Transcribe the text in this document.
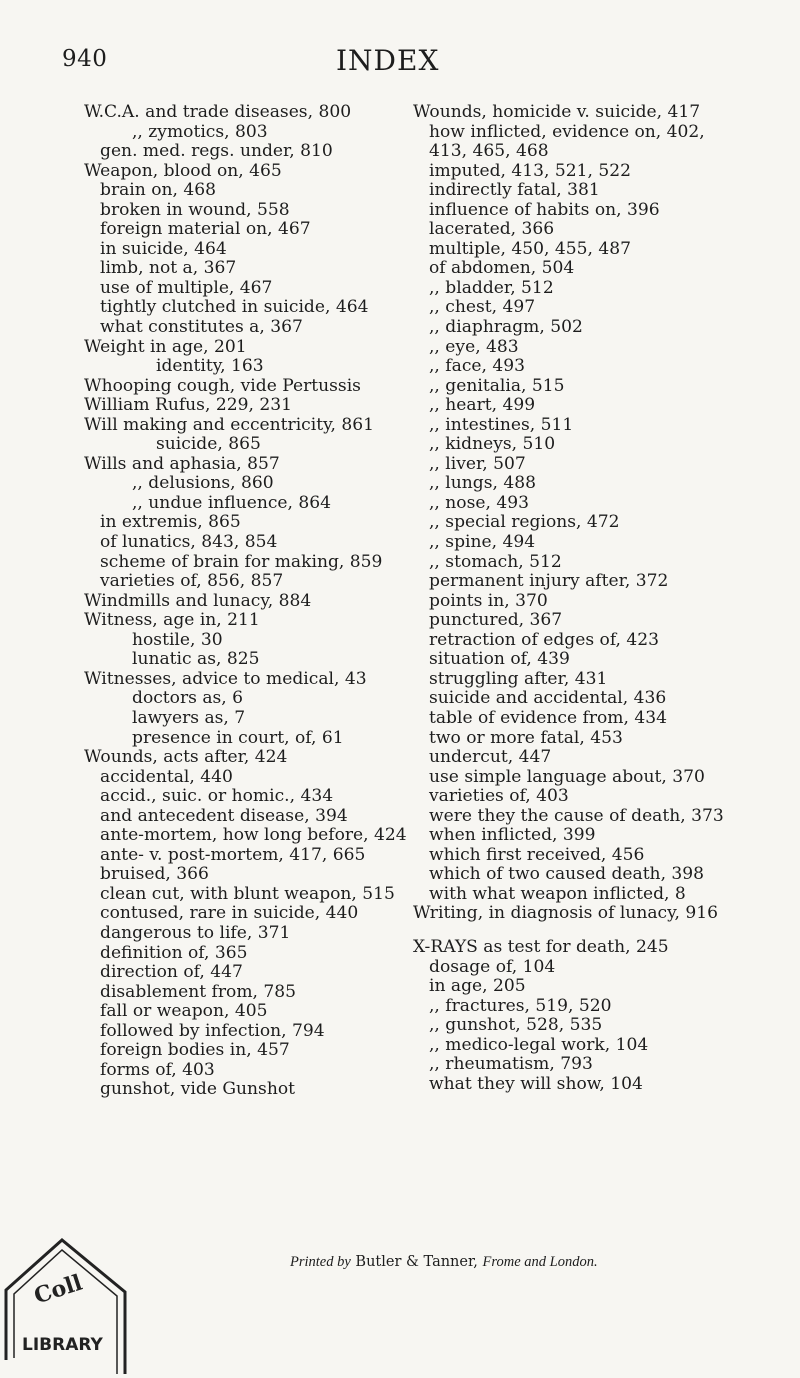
940	INDEX
W.C.A. and trade diseases, 800
,, zymotics, 803
gen. med. regs. under, 810
Weapon, blood on, 465
brain on, 468
broken in wound, 558
foreign material on, 467
in suicide, 464
limb, not a, 367
use of multiple, 467
tightly clutched in suicide, 464
what constitutes a, 367
Weight in age, 201
identity, 163
Whooping cough, vide Pertussis
William Rufus, 229, 231
Will making and eccentricity, 861
suicide, 865
Wills and aphasia, 857
,, delusions, 860
,, undue influence, 864
in extremis, 865
of lunatics, 843, 854
scheme of brain for making, 859
varieties of, 856, 857
Windmills and lunacy, 884
Witness, age in, 211
hostile, 30
lunatic as, 825
Witnesses, advice to medical, 43
doctors as, 6
lawyers as, 7
presence in court, of, 61
Wounds, acts after, 424
accidental, 440
accid., suic. or homic., 434
and antecedent disease, 394
ante-mortem, how long before, 424
ante- v. post-mortem, 417, 665
bruised, 366
clean cut, with blunt weapon, 515
contused, rare in suicide, 440
dangerous to life, 371
definition of, 365
direction of, 447
disablement from, 785
fall or weapon, 405
followed by infection, 794
foreign bodies in, 457
forms of, 403
gunshot, vide Gunshot
Wounds, homicide v. suicide, 417
how inflicted, evidence on, 402,
413, 465, 468
imputed, 413, 521, 522
indirectly fatal, 381
influence of habits on, 396
lacerated, 366
multiple, 450, 455, 487
of abdomen, 504
,, bladder, 512
,, chest, 497
,, diaphragm, 502
,, eye, 483
,, face, 493
,, genitalia, 515
,, heart, 499
,, intestines, 511
,, kidneys, 510
,, liver, 507
,, lungs, 488
,, nose, 493
,, special regions, 472
,, spine, 494
,, stomach, 512
permanent injury after, 372
points in, 370
punctured, 367
retraction of edges of, 423
situation of, 439
struggling after, 431
suicide and accidental, 436
table of evidence from, 434
two or more fatal, 453
undercut, 447
use simple language about, 370
varieties of, 403
were they the cause of death, 373
when inflicted, 399
which first received, 456
which of two caused death, 398
with what weapon inflicted, 8
Writing, in diagnosis of lunacy, 916
X-RAYS as test for death, 245
dosage of, 104
in age, 205
,, fractures, 519, 520
,, gunshot, 528, 535
,, medico-legal work, 104
,, rheumatism, 793
what they will show, 104
Printed by Butler & Tanner, Frome and London.
Coll
LIBRARY
